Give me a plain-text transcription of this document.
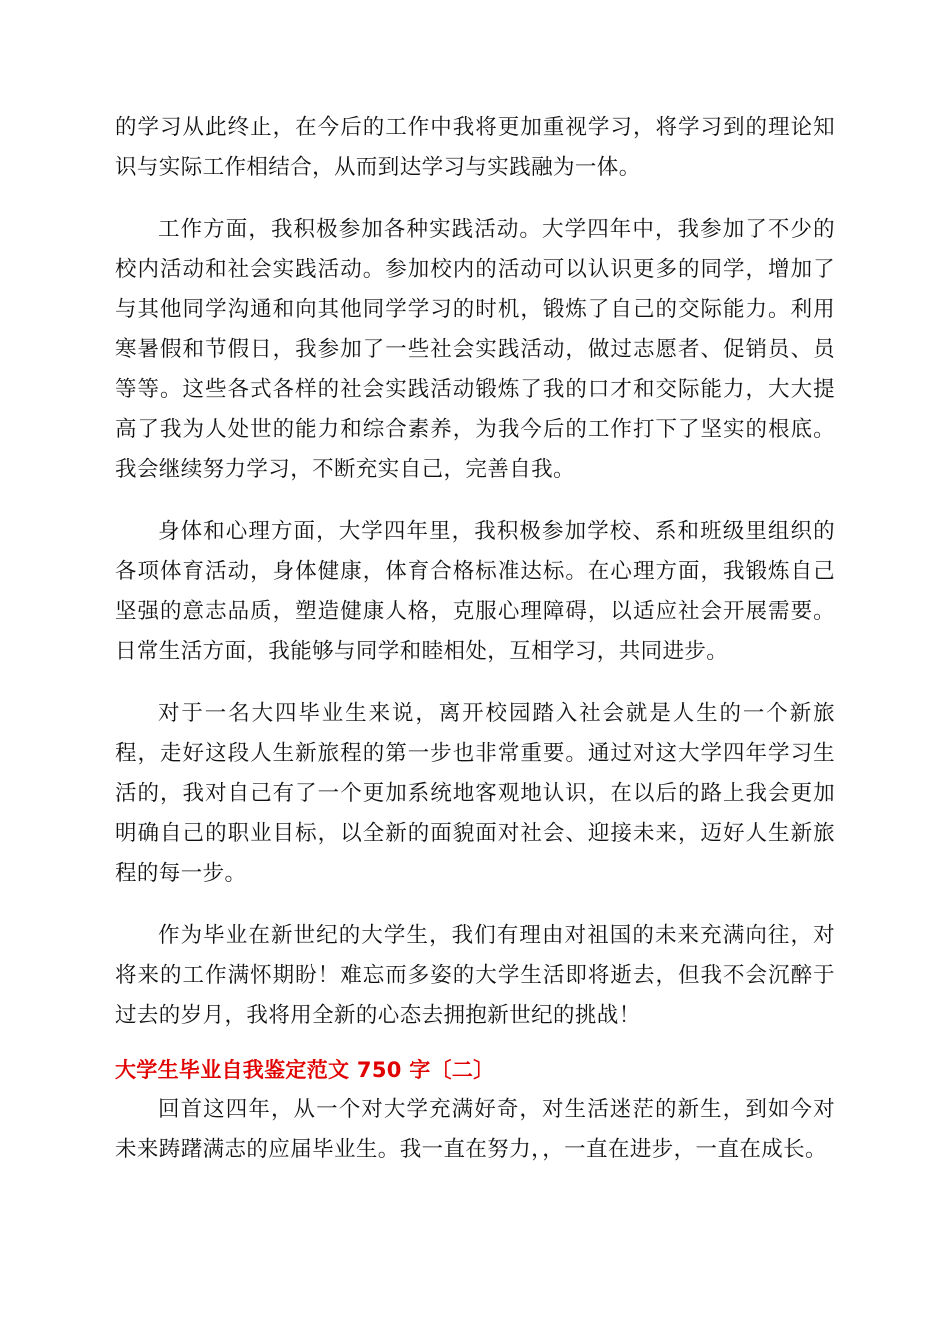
的学习从此终止，在今后的工作中我将更加重视学习，将学习到的理论知识与实际工作相结合，从而到达学习与实践融为一体。

工作方面，我积极参加各种实践活动。大学四年中，我参加了不少的校内活动和社会实践活动。参加校内的活动可以认识更多的同学，增加了与其他同学沟通和向其他同学学习的时机，锻炼了自己的交际能力。利用寒暑假和节假日，我参加了一些社会实践活动，做过志愿者、促销员、员等等。这些各式各样的社会实践活动锻炼了我的口才和交际能力，大大提高了我为人处世的能力和综合素养，为我今后的工作打下了坚实的根底。我会继续努力学习，不断充实自己，完善自我。

身体和心理方面，大学四年里，我积极参加学校、系和班级里组织的各项体育活动，身体健康，体育合格标准达标。在心理方面，我锻炼自己坚强的意志品质，塑造健康人格，克服心理障碍，以适应社会开展需要。日常生活方面，我能够与同学和睦相处，互相学习，共同进步。

对于一名大四毕业生来说，离开校园踏入社会就是人生的一个新旅程，走好这段人生新旅程的第一步也非常重要。通过对这大学四年学习生活的，我对自己有了一个更加系统地客观地认识，在以后的路上我会更加明确自己的职业目标，以全新的面貌面对社会、迎接未来，迈好人生新旅程的每一步。

作为毕业在新世纪的大学生，我们有理由对祖国的未来充满向往，对将来的工作满怀期盼！难忘而多姿的大学生活即将逝去，但我不会沉醉于过去的岁月，我将用全新的心态去拥抱新世纪的挑战！

大学生毕业自我鉴定范文 750 字〔二〕

回首这四年，从一个对大学充满好奇，对生活迷茫的新生，到如今对未来踌躇满志的应届毕业生。我一直在努力，，一直在进步，一直在成长。
